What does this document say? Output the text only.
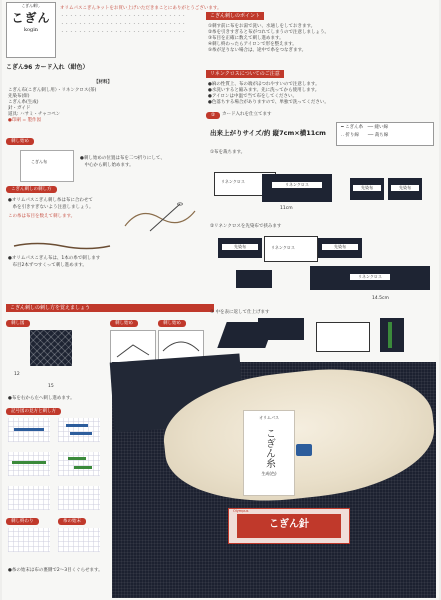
こぎん刺し
こぎん
kogin
オリムパスこぎんキットをお買い上げいただきまことにありがとうございます。
・・・・・・・・・・・・・・・・・・・・・・・・・・・・
・・・・・・・・・・・・・・・・・・・・・・・・・・・・
・・・・・・・・・・・・・・・・・・・・・・・・・・・・
こぎん96 カード入れ（紺色）
【材料】
こぎん布(こぎん刺し用）・リネンクロス(茶)
先染布(紺)
こぎん糸(生成)
針・ガイド
道具: ハサミ・チャコペン
●印刷 = 製作図
刺し始め
こぎん布
●刺し始めの位置は布を二つ折りにして、
　中心から刺し始めます。
こぎん刺しの刺し方
●オリムパスこぎん刺し糸は布に合わせて
　糸を引きすぎないよう注意しましょう。
この糸は布目を数えて刺します。
●オリムパスこぎん布は、1本の糸で刺します
　布目2本ずつすくって刺し進めます。
こぎん刺しの刺し方を覚えましょう
刺し図
12
15
●布を右から左へ刺し進めます。
刺し始め	刺し始め
記号図の見方と刺し方
刺し終わり	糸の始末
●糸の始末は布の裏側で2〜3目くぐらせます。
こぎん刺しのポイント
①刺す前に布をお湯で洗い、水通しをしておきます。
②糸を引きすぎると布がつれてしまうので注意しましょう。
③布目を正確に数えて刺し進めます。
④刺し終わったらアイロンで形を整えます。
⑤糸が足りない場合は、途中で糸をつなぎます。
リネンクロスについてのご注意
●麻の性質上、布の端がほつれやすいので注意します。
●水洗いすると縮みます。先に洗ってから使用します。
●アイロンは中温で当て布をしてください。
●色落ちする場合がありますので、単独で洗ってください。
②	カード入れを仕立てます
出来上がりサイズ/約 縦7cm×横11cm
━ こぎん糸　── 縫い線
‥ 折り線　　── 裁ち線
①布を裁ちます。
リネンクロス
リネンクロス
11cm
先染布	先染布
②リネンクロスを先染布で挟みます
先染布	リネンクロス	先染布
リネンクロス
14.5cm
③ 中を表に返して仕上げます
オリムパス
こぎん糸
生成(色)
Olympus
こぎん針
